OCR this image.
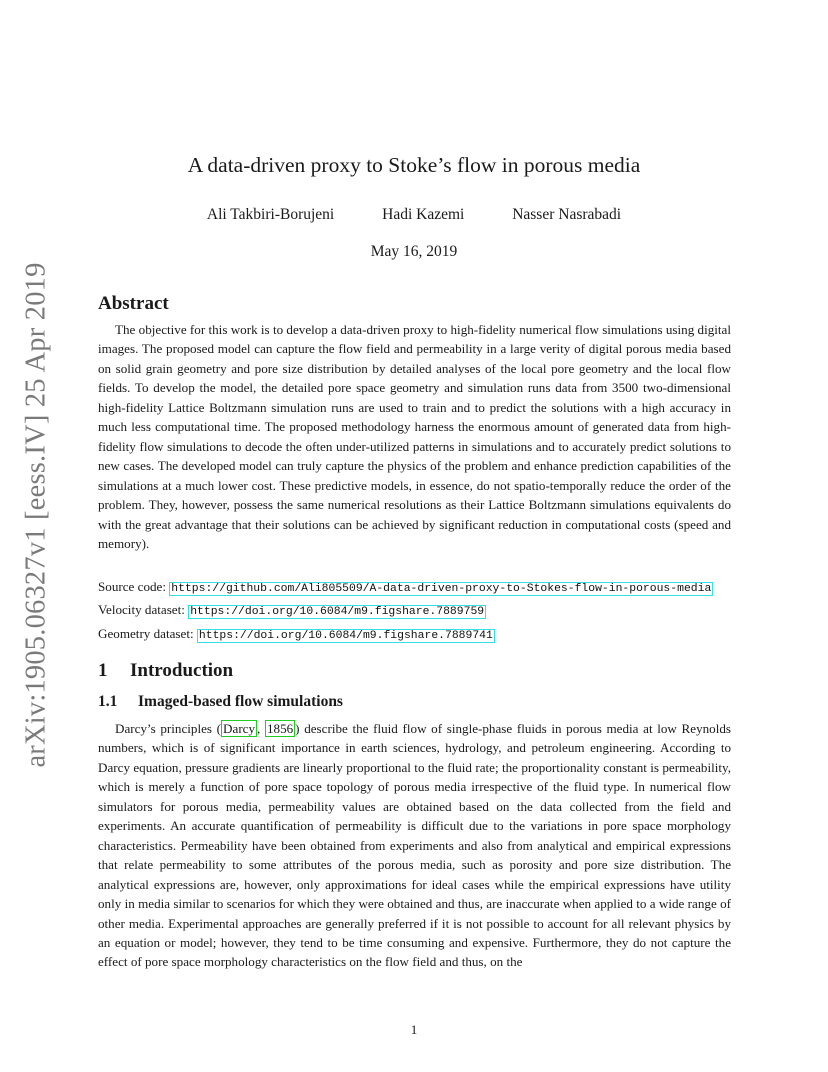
arXiv:1905.06327v1 [eess.IV] 25 Apr 2019
A data-driven proxy to Stoke’s flow in porous media
Ali Takbiri-Borujeni	Hadi Kazemi	Nasser Nasrabadi
May 16, 2019
Abstract

The objective for this work is to develop a data-driven proxy to high-fidelity numerical flow simulations using digital images. The proposed model can capture the flow field and permeability in a large verity of digital porous media based on solid grain geometry and pore size distribution by detailed analyses of the local pore geometry and the local flow fields. To develop the model, the detailed pore space geometry and simulation runs data from 3500 two-dimensional high-fidelity Lattice Boltzmann simulation runs are used to train and to predict the solutions with a high accuracy in much less computational time. The proposed methodology harness the enormous amount of generated data from high-fidelity flow simulations to decode the often under-utilized patterns in simulations and to accurately predict solutions to new cases. The developed model can truly capture the physics of the problem and enhance prediction capabilities of the simulations at a much lower cost. These predictive models, in essence, do not spatio-temporally reduce the order of the problem. They, however, possess the same numerical resolutions as their Lattice Boltzmann simulations equivalents do with the great advantage that their solutions can be achieved by significant reduction in computational costs (speed and memory).

Source code: https://github.com/Ali805509/A-data-driven-proxy-to-Stokes-flow-in-porous-media
Velocity dataset: https://doi.org/10.6084/m9.figshare.7889759
Geometry dataset: https://doi.org/10.6084/m9.figshare.7889741
1 Introduction
1.1 Imaged-based flow simulations

Darcy’s principles ( Darcy , 1856 ) describe the fluid flow of single-phase fluids in porous media at low Reynolds numbers, which is of significant importance in earth sciences, hydrology, and petroleum engineering. According to Darcy equation, pressure gradients are linearly proportional to the fluid rate; the proportionality constant is permeability, which is merely a function of pore space topology of porous media irrespective of the fluid type. In numerical flow simulators for porous media, permeability values are obtained based on the data collected from the field and experiments. An accurate quantification of permeability is difficult due to the variations in pore space morphology characteristics. Permeability have been obtained from experiments and also from analytical and empirical expressions that relate permeability to some attributes of the porous media, such as porosity and pore size distribution. The analytical expressions are, however, only approximations for ideal cases while the empirical expressions have utility only in media similar to scenarios for which they were obtained and thus, are inaccurate when applied to a wide range of other media. Experimental approaches are generally preferred if it is not possible to account for all relevant physics by an equation or model; however, they tend to be time consuming and expensive. Furthermore, they do not capture the effect of pore space morphology characteristics on the flow field and thus, on the

1
